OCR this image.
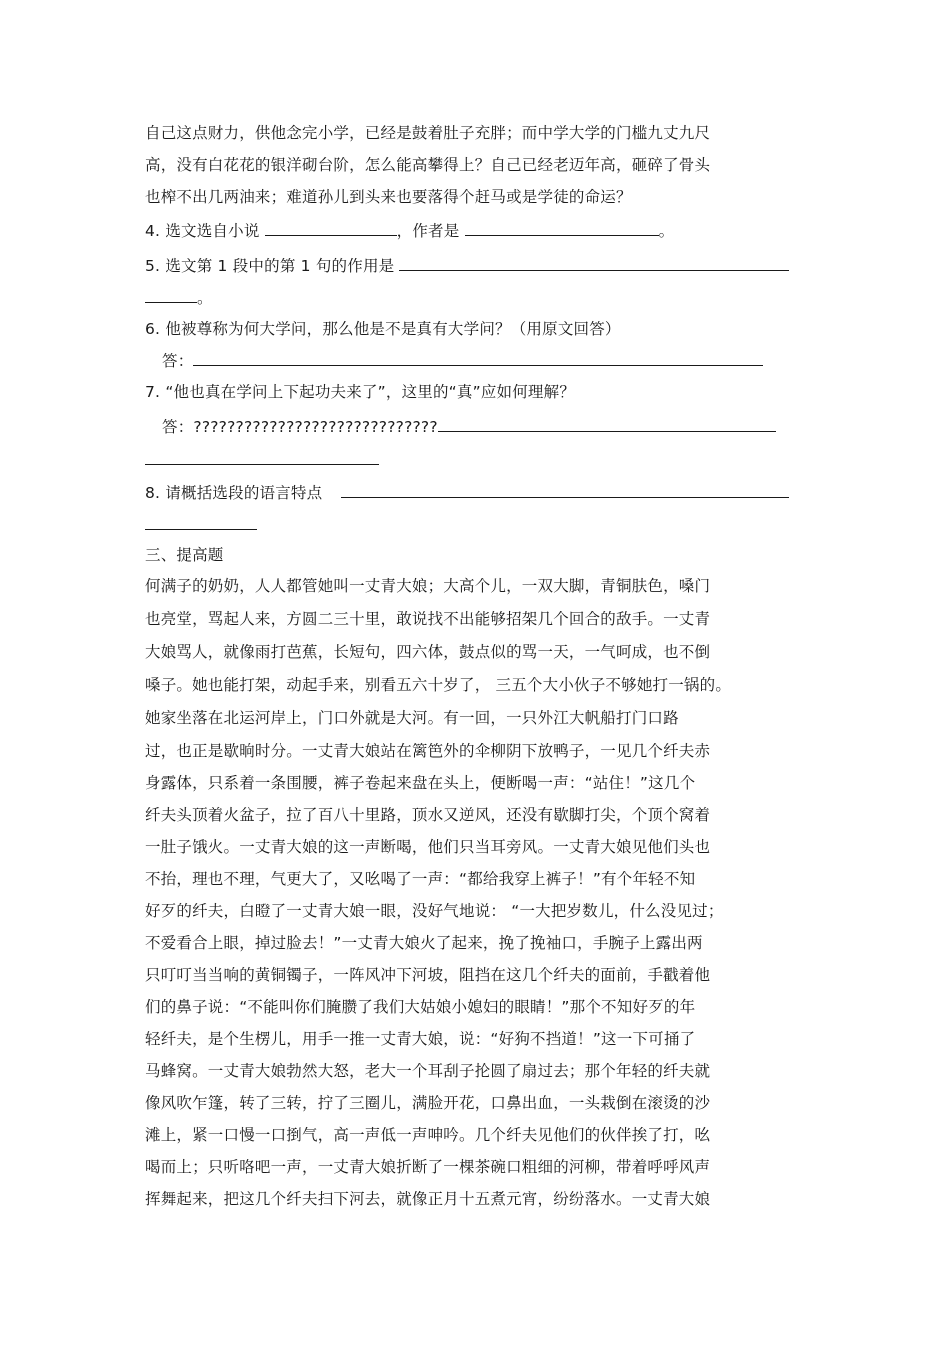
自己这点财力，供他念完小学，已经是鼓着肚子充胖；而中学大学的门槛九丈九尺
高，没有白花花的银洋砌台阶，怎么能高攀得上？自己已经老迈年高，砸碎了骨头
也榨不出几两油来；难道孙儿到头来也要落得个赶马或是学徒的命运？
4. 选文选自小说	，作者是	。
5. 选文第 1 段中的第 1 句的作用是
。
6. 他被尊称为何大学问，那么他是不是真有大学问？（用原文回答）
答：
7. “他也真在学问上下起功夫来了”，这里的“真”应如何理解？
答：?????????????????????????????
8. 请概括选段的语言特点
三、提高题
何满子的奶奶，人人都管她叫一丈青大娘；大高个儿，一双大脚，青铜肤色，嗓门
也亮堂，骂起人来，方圆二三十里，敢说找不出能够招架几个回合的敌手。一丈青
大娘骂人，就像雨打芭蕉，长短句，四六体，鼓点似的骂一天，一气呵成，也不倒
嗓子。她也能打架，动起手来，别看五六十岁了， 三五个大小伙子不够她打一锅的。
她家坐落在北运河岸上，门口外就是大河。有一回，一只外江大帆船打门口路
过，也正是歇晌时分。一丈青大娘站在篱笆外的伞柳阴下放鸭子，一见几个纤夫赤
身露体，只系着一条围腰，裤子卷起来盘在头上，便断喝一声：“站住！”这几个
纤夫头顶着火盆子，拉了百八十里路，顶水又逆风，还没有歇脚打尖，个顶个窝着
一肚子饿火。一丈青大娘的这一声断喝，他们只当耳旁风。一丈青大娘见他们头也
不抬，理也不理，气更大了，又吆喝了一声：“都给我穿上裤子！”有个年轻不知
好歹的纤夫，白瞪了一丈青大娘一眼，没好气地说： “一大把岁数儿，什么没见过；
不爱看合上眼，掉过脸去！”一丈青大娘火了起来，挽了挽袖口，手腕子上露出两
只叮叮当当响的黄铜镯子，一阵风冲下河坡，阻挡在这几个纤夫的面前，手戳着他
们的鼻子说：“不能叫你们腌臜了我们大姑娘小媳妇的眼睛！”那个不知好歹的年
轻纤夫，是个生楞儿，用手一推一丈青大娘，说：“好狗不挡道！”这一下可捅了
马蜂窝。一丈青大娘勃然大怒，老大一个耳刮子抡圆了扇过去；那个年轻的纤夫就
像风吹乍篷，转了三转，拧了三圈儿，满脸开花，口鼻出血，一头栽倒在滚烫的沙
滩上，紧一口慢一口捯气，高一声低一声呻吟。几个纤夫见他们的伙伴挨了打，吆
喝而上；只听咯吧一声，一丈青大娘折断了一棵茶碗口粗细的河柳，带着呼呼风声
挥舞起来，把这几个纤夫扫下河去，就像正月十五煮元宵，纷纷落水。一丈青大娘
